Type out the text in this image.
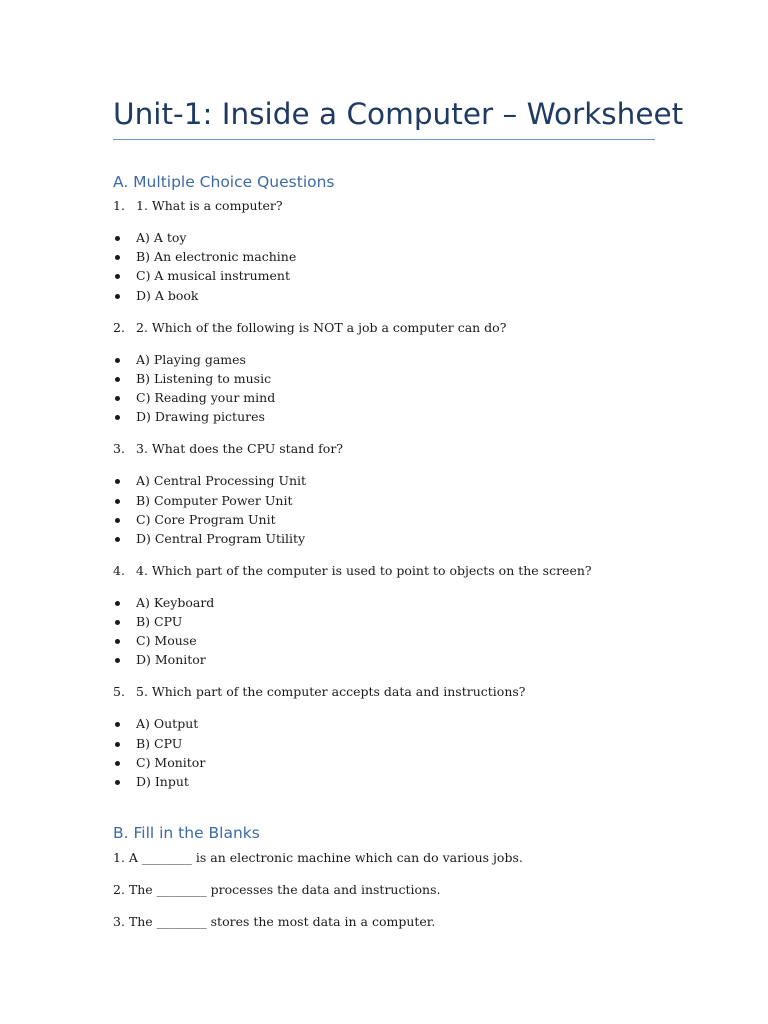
Unit-1: Inside a Computer – Worksheet
A. Multiple Choice Questions
1. 1. What is a computer?
A) A toy
B) An electronic machine
C) A musical instrument
D) A book
2. 2. Which of the following is NOT a job a computer can do?
A) Playing games
B) Listening to music
C) Reading your mind
D) Drawing pictures
3. 3. What does the CPU stand for?
A) Central Processing Unit
B) Computer Power Unit
C) Core Program Unit
D) Central Program Utility
4. 4. Which part of the computer is used to point to objects on the screen?
A) Keyboard
B) CPU
C) Mouse
D) Monitor
5. 5. Which part of the computer accepts data and instructions?
A) Output
B) CPU
C) Monitor
D) Input
B. Fill in the Blanks
1. A ________ is an electronic machine which can do various jobs.
2. The ________ processes the data and instructions.
3. The ________ stores the most data in a computer.
